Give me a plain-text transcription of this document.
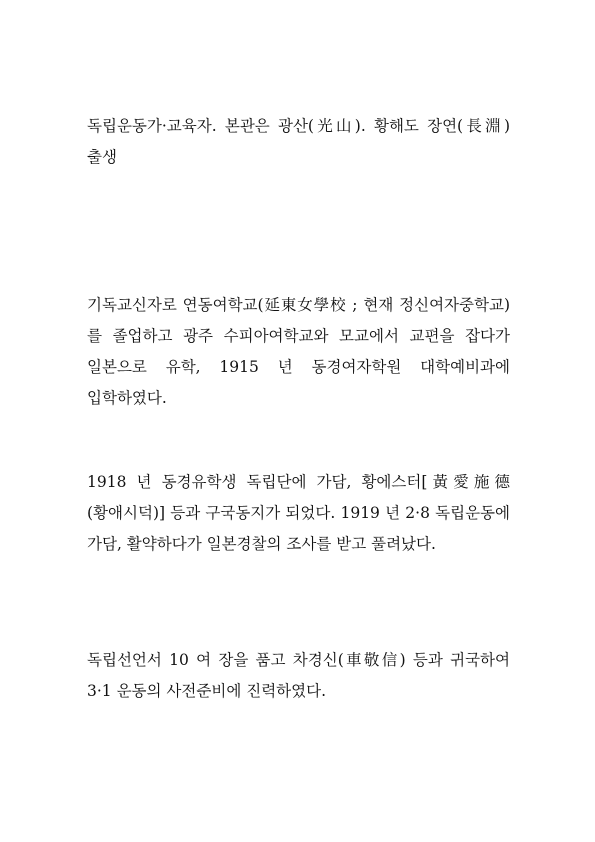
독립운동가·교육자. 본관은 광산(光山). 황해도 장연(長淵) 출생

기독교신자로 연동여학교(延東女學校 ; 현재 정신여자중학교)를 졸업하고 광주 수피아여학교와 모교에서 교편을 잡다가 일본으로 유학, 1915 년 동경여자학원 대학예비과에 입학하였다.

1918 년 동경유학생 독립단에 가담, 황에스터[黃愛施德(황애시덕)] 등과 구국동지가 되었다. 1919 년 2·8 독립운동에 가담, 활약하다가 일본경찰의 조사를 받고 풀려났다.

독립선언서 10 여 장을 품고 차경신(車敬信) 등과 귀국하여 3·1 운동의 사전준비에 진력하였다.
